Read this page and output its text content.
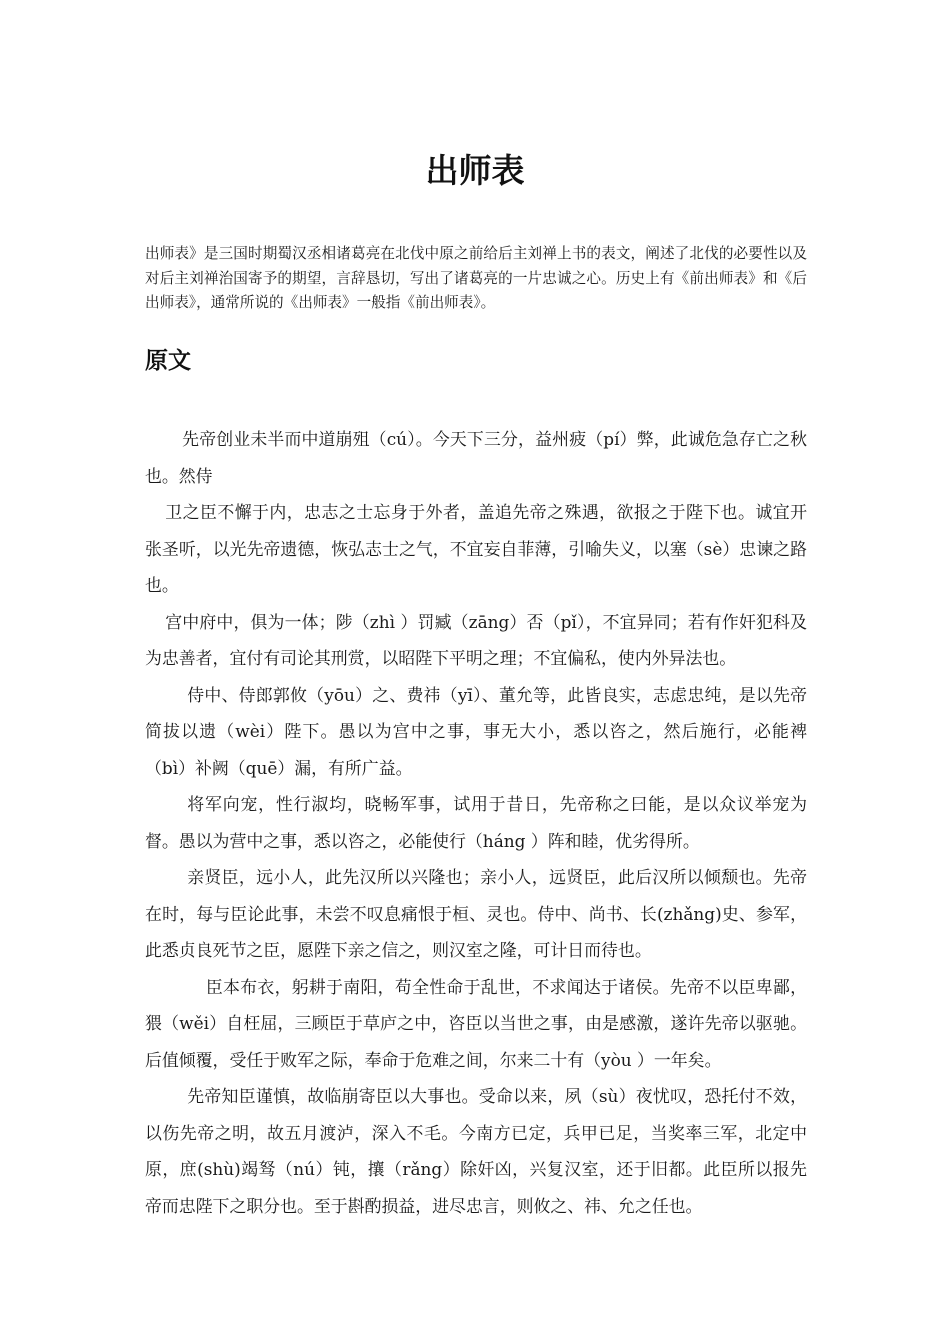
出师表

出师表》是三国时期蜀汉丞相诸葛亮在北伐中原之前给后主刘禅上书的表文，阐述了北伐的必要性以及对后主刘禅治国寄予的期望，言辞恳切，写出了诸葛亮的一片忠诚之心。历史上有《前出师表》和《后出师表》，通常所说的《出师表》一般指《前出师表》。

原文

先帝创业未半而中道崩殂（cú）。今天下三分，益州疲（pí）弊，此诚危急存亡之秋也。然侍

卫之臣不懈于内，忠志之士忘身于外者，盖追先帝之殊遇，欲报之于陛下也。诚宜开张圣听，以光先帝遗德，恢弘志士之气，不宜妄自菲薄，引喻失义，以塞（sè）忠谏之路也。

宫中府中，俱为一体；陟（zhì ）罚臧（zāng）否（pǐ），不宜异同；若有作奸犯科及为忠善者，宜付有司论其刑赏，以昭陛下平明之理；不宜偏私，使内外异法也。

侍中、侍郎郭攸（yōu）之、费祎（yī）、董允等，此皆良实，志虑忠纯，是以先帝简拔以遗（wèi）陛下。愚以为宫中之事，事无大小，悉以咨之，然后施行，必能裨（bì）补阙（quē）漏，有所广益。

将军向宠，性行淑均，晓畅军事，试用于昔日，先帝称之曰能，是以众议举宠为督。愚以为营中之事，悉以咨之，必能使行（háng ）阵和睦，优劣得所。

亲贤臣，远小人，此先汉所以兴隆也；亲小人，远贤臣，此后汉所以倾颓也。先帝在时，每与臣论此事，未尝不叹息痛恨于桓、灵也。侍中、尚书、长(zhǎng)史、参军，此悉贞良死节之臣，愿陛下亲之信之，则汉室之隆，可计日而待也。

臣本布衣，躬耕于南阳，苟全性命于乱世，不求闻达于诸侯。先帝不以臣卑鄙，猥（wěi）自枉屈，三顾臣于草庐之中，咨臣以当世之事，由是感激，遂许先帝以驱驰。后值倾覆，受任于败军之际，奉命于危难之间，尔来二十有（yòu ）一年矣。

先帝知臣谨慎，故临崩寄臣以大事也。受命以来，夙（sù）夜忧叹，恐托付不效，以伤先帝之明，故五月渡泸，深入不毛。今南方已定，兵甲已足，当奖率三军，北定中原，庶(shù)竭驽（nú）钝，攘（rǎng）除奸凶，兴复汉室，还于旧都。此臣所以报先帝而忠陛下之职分也。至于斟酌损益，进尽忠言，则攸之、祎、允之任也。
